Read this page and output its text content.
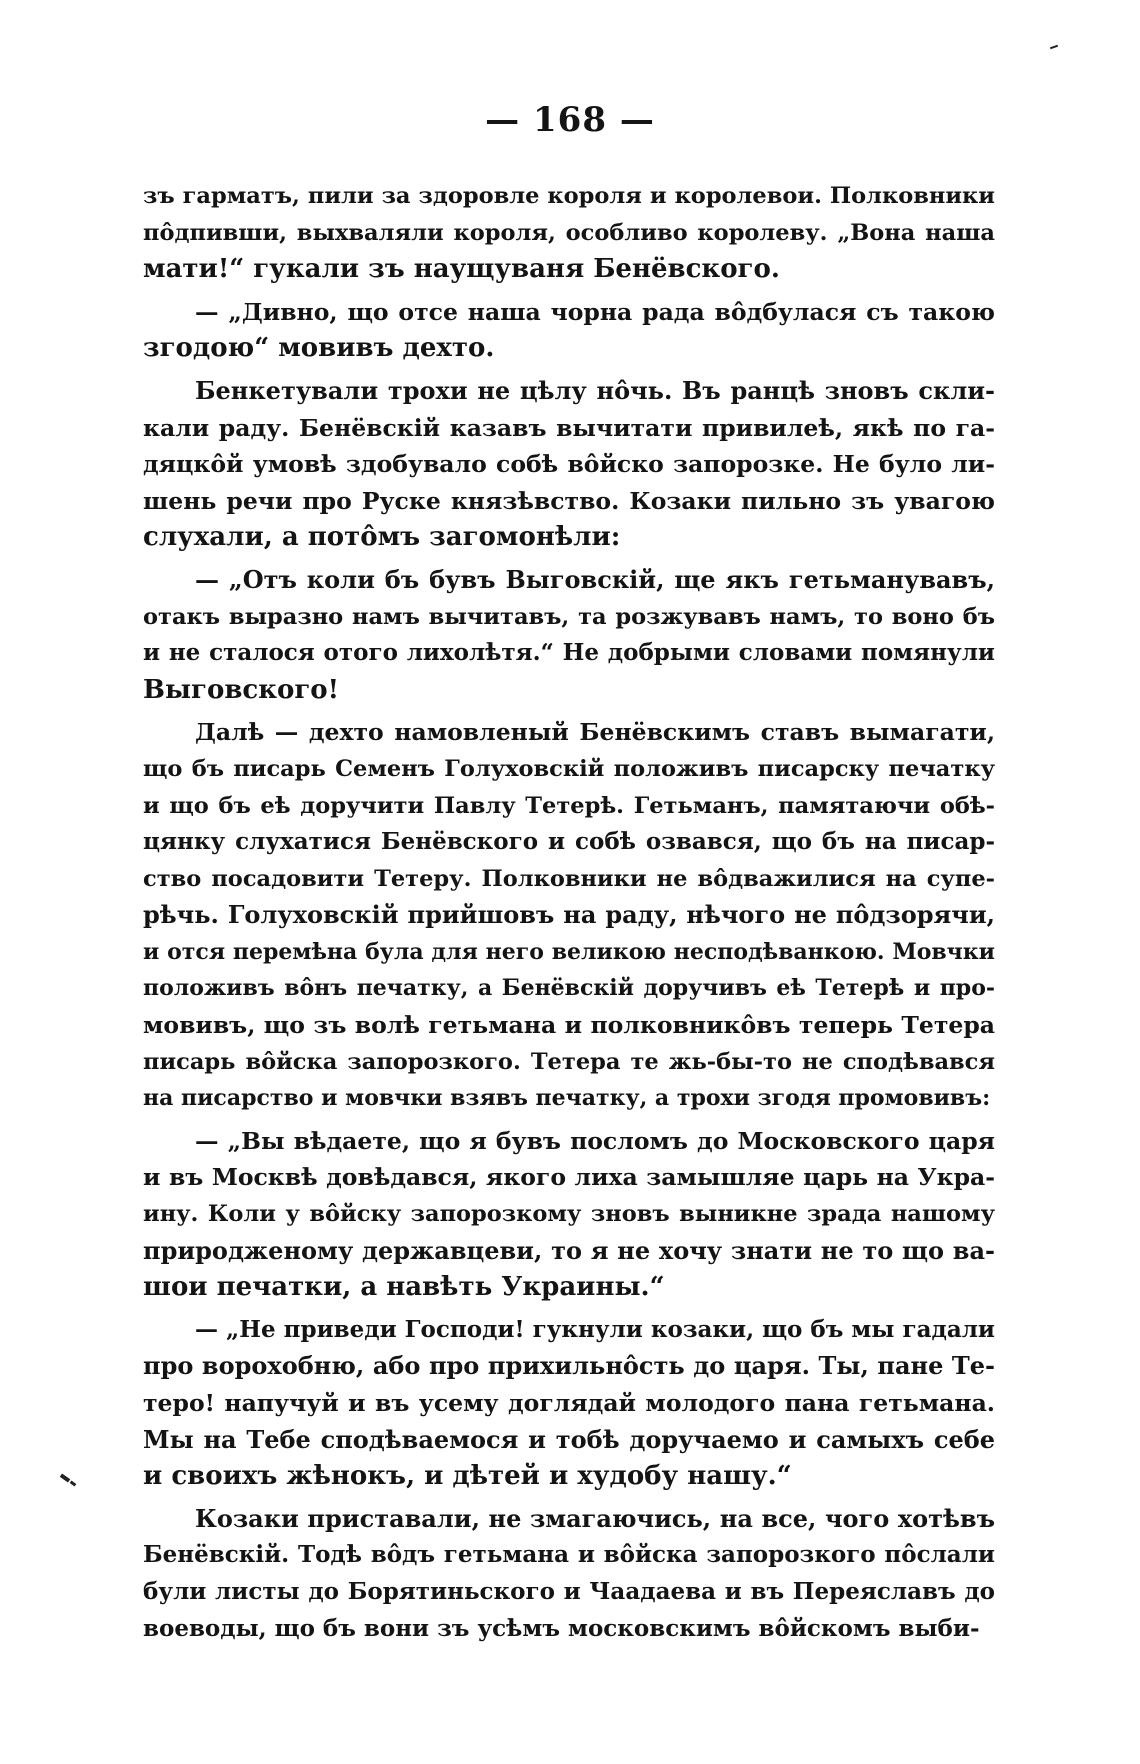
— 168 —
зъ гарматъ, пили за здоровле короля и королевои. Полковники
пôдпивши, выхваляли короля, особливо королеву. „Вона наша
мати!“ гукали зъ наущуваня Бенёвского.
— „Дивно, що отсе наша чорна рада вôдбулася съ такою
згодою“ мовивъ дехто.
Бенкетували трохи не цѣлу нôчь. Въ ранцѣ зновъ скли-
кали раду. Бенёвскій казавъ вычитати привилеѣ, якѣ по га-
дяцкôй умовѣ здобувало собѣ вôйско запорозке. Не було ли-
шень речи про Руске князѣвство. Козаки пильно зъ увагою
слухали, а потôмъ загомонѣли:
— „Отъ коли бъ бувъ Выговскій, ще якъ гетьманувавъ,
отакъ выразно намъ вычитавъ, та розжувавъ намъ, то воно бъ
и не сталося отого лихолѣтя.“ Не добрыми словами помянули
Выговского!
Далѣ — дехто намовленый Бенёвскимъ ставъ вымагати,
що бъ писарь Семенъ Голуховскій положивъ писарску печатку
и що бъ еѣ доручити Павлу Тетерѣ. Гетьманъ, памятаючи обѣ-
цянку слухатися Бенёвского и собѣ озвався, що бъ на писар-
ство посадовити Тетеру. Полковники не вôдважилися на супе-
рѣчь. Голуховскій прийшовъ на раду, нѣчого не пôдзорячи,
и отся перемѣна була для него великою несподѣванкою. Мовчки
положивъ вôнъ печатку, а Бенёвскій доручивъ еѣ Тетерѣ и про-
мовивъ, що зъ волѣ гетьмана и полковникôвъ теперь Тетера
писарь вôйска запорозкого. Тетера те жь-бы-то не сподѣвався
на писарство и мовчки взявъ печатку, а трохи згодя промовивъ:
— „Вы вѣдаете, що я бувъ посломъ до Московского царя
и въ Москвѣ довѣдався, якого лиха замышляе царь на Укра-
ину. Коли у вôйску запорозкому зновъ выникне зрада нашому
природженому державцеви, то я не хочу знати не то що ва-
шои печатки, а навѣть Украины.“
— „Не приведи Господи! гукнули козаки, що бъ мы гадали
про ворохобню, або про прихильнôсть до царя. Ты, пане Те-
теро! напучуй и въ усему доглядай молодого пана гетьмана.
Мы на Тебе сподѣваемося и тобѣ доручаемо и самыхъ себе
и своихъ жѣнокъ, и дѣтей и худобу нашу.“
Козаки приставали, не змагаючись, на все, чого хотѣвъ
Бенёвскій. Тодѣ вôдъ гетьмана и вôйска запорозкого пôслали
були листы до Борятиньского и Чаадаева и въ Переяславъ до
воеводы, що бъ вони зъ усѣмъ московскимъ вôйскомъ выби-
